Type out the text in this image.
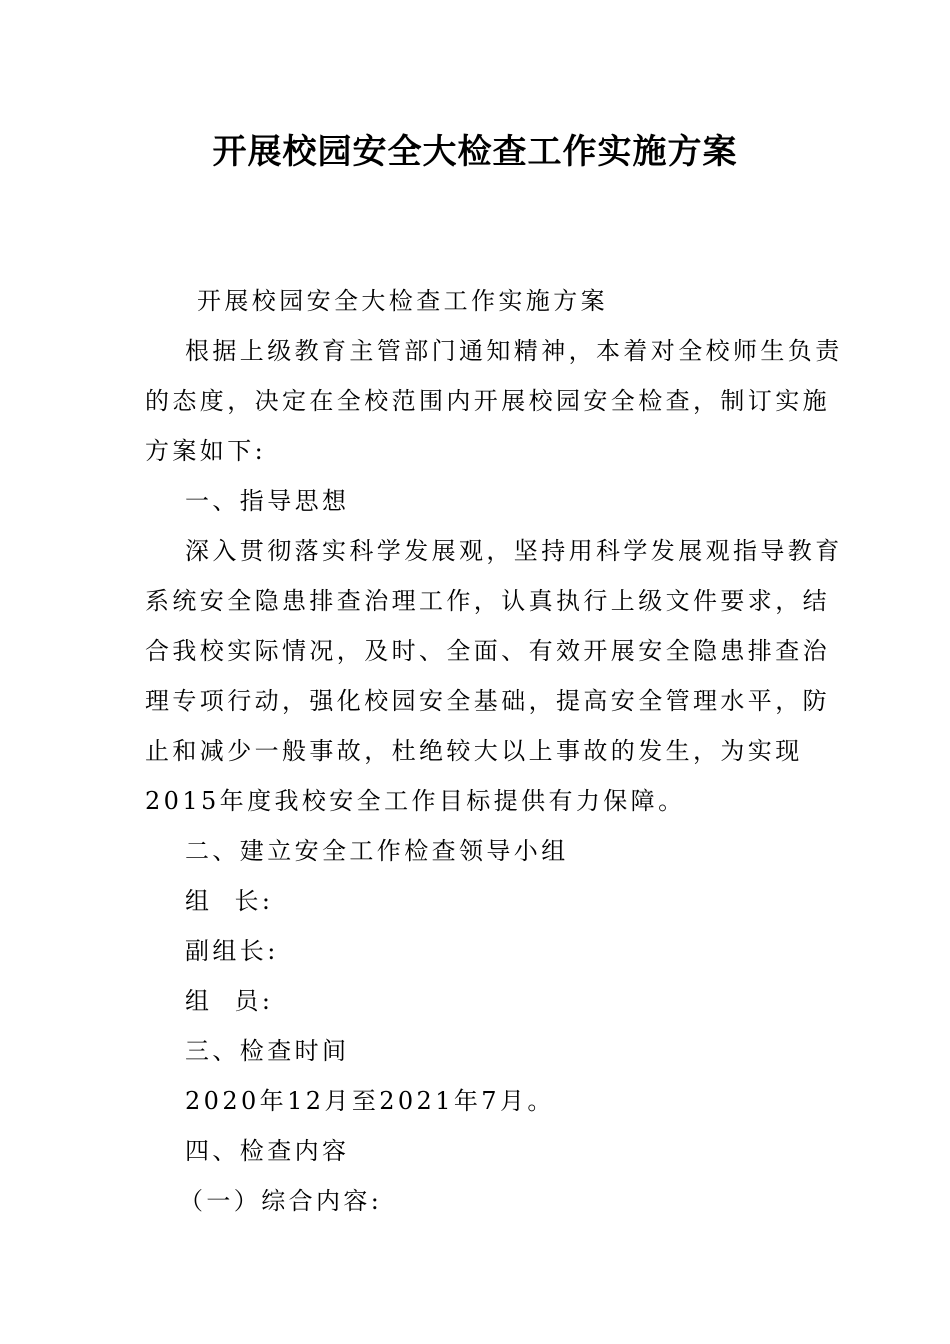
开展校园安全大检查工作实施方案
开展校园安全大检查工作实施方案
根据上级教育主管部门通知精神，本着对全校师生负责
的态度，决定在全校范围内开展校园安全检查，制订实施
方案如下:
一、指导思想
深入贯彻落实科学发展观，坚持用科学发展观指导教育
系统安全隐患排查治理工作，认真执行上级文件要求，结
合我校实际情况，及时、全面、有效开展安全隐患排查治
理专项行动，强化校园安全基础，提高安全管理水平，防
止和减少一般事故，杜绝较大以上事故的发生，为实现
2015年度我校安全工作目标提供有力保障。
二、建立安全工作检查领导小组
组  长:
副组长:
组  员:
三、检查时间
2020年12月至2021年7月。
四、检查内容
（一）综合内容:
